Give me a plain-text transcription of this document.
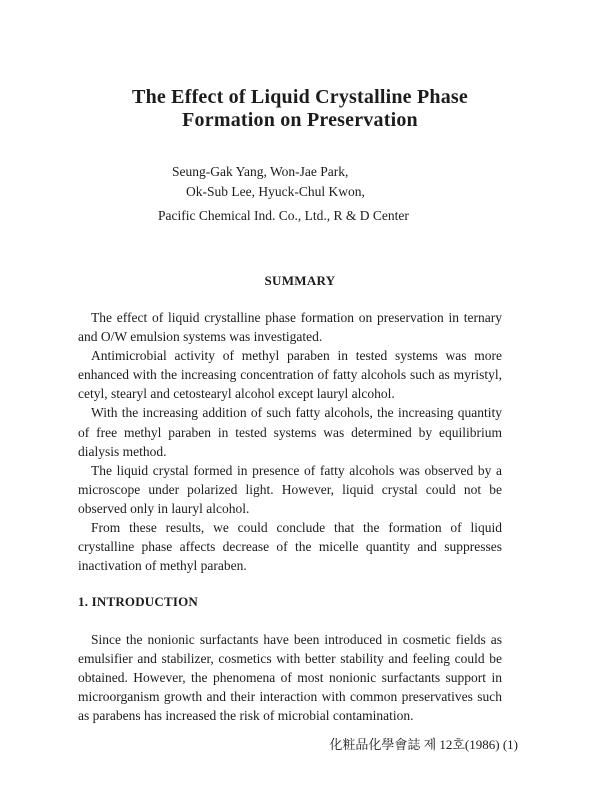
The Effect of Liquid Crystalline Phase
Formation on Preservation
Seung-Gak Yang, Won-Jae Park,
Ok-Sub Lee, Hyuck-Chul Kwon,
Pacific Chemical Ind. Co., Ltd., R & D Center
SUMMARY

The effect of liquid crystalline phase formation on preservation in ternary and O/W emulsion systems was investigated.

Antimicrobial activity of methyl paraben in tested systems was more enhanced with the increasing concentration of fatty alcohols such as myristyl, cetyl, stearyl and cetostearyl alcohol except lauryl alcohol.

With the increasing addition of such fatty alcohols, the increasing quantity of free methyl paraben in tested systems was determined by equilibrium dialysis method.

The liquid crystal formed in presence of fatty alcohols was observed by a microscope under polarized light. However, liquid crystal could not be observed only in lauryl alcohol.

From these results, we could conclude that the formation of liquid crystalline phase affects decrease of the micelle quantity and suppresses inactivation of methyl paraben.

1. INTRODUCTION

Since the nonionic surfactants have been introduced in cosmetic fields as emulsifier and stabilizer, cosmetics with better stability and feeling could be obtained. However, the phenomena of most nonionic surfactants support in microorganism growth and their interaction with common preservatives such as parabens has increased the risk of microbial contamination.

化粧品化學會誌 제 12호(1986) (1)
